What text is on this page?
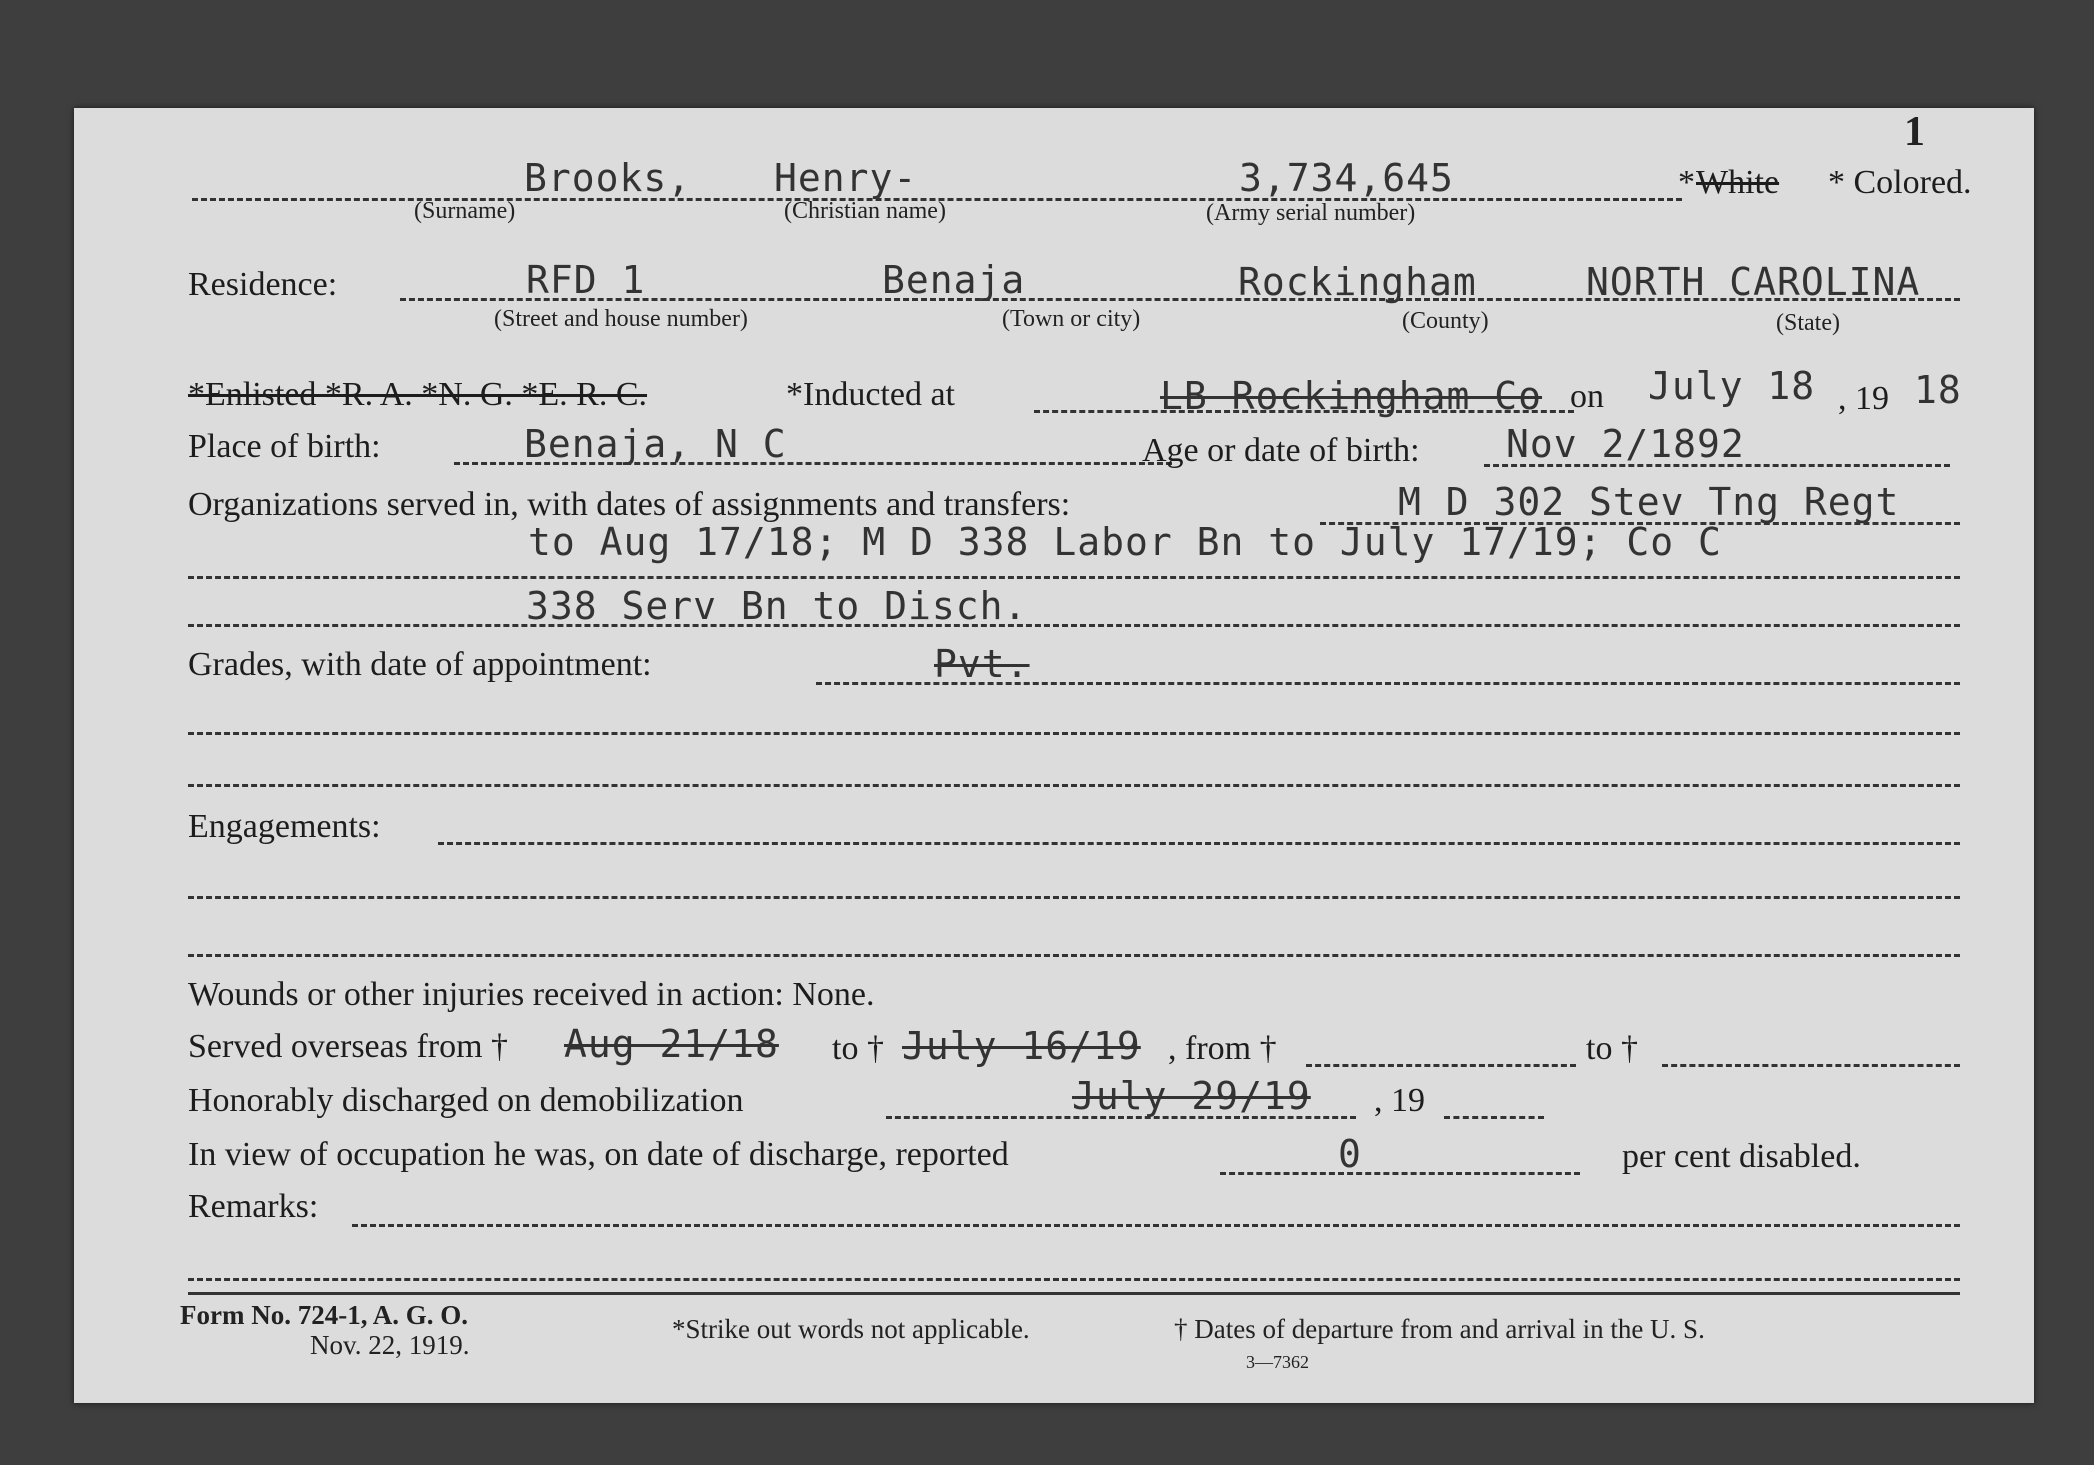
1
Brooks, Henry-	3,734,645	* White * Colored.
(Surname)	(Christian name)	(Army serial number)
Residence:	RFD 1	Benaja	Rockingham	NORTH CAROLINA
(Street and house number)	(Town or city)	(County)	(State)
*Enlisted *R. A. *N. G. *E. R. C.	*Inducted at	LB Rockingham Co on July 18 , 19 18
Place of birth:	Benaja, N C	Age or date of birth: Nov 2/1892
Organizations served in, with dates of assignments and transfers:	M D 302 Stev Tng Regt
to Aug 17/18; M D 338 Labor Bn to July 17/19; Co C
338 Serv Bn to Disch.
Grades, with date of appointment:	Pvt.
Engagements:
Wounds or other injuries received in action: None.
Served overseas from † Aug 21/18 to † July 16/19 , from †	to †
Honorably discharged on demobilization	July 29/19 , 19
In view of occupation he was, on date of discharge, reported	0	per cent disabled.
Remarks:
Form No. 724-1, A. G. O.
Nov. 22, 1919.
*Strike out words not applicable.	† Dates of departure from and arrival in the U. S.
3—7362
